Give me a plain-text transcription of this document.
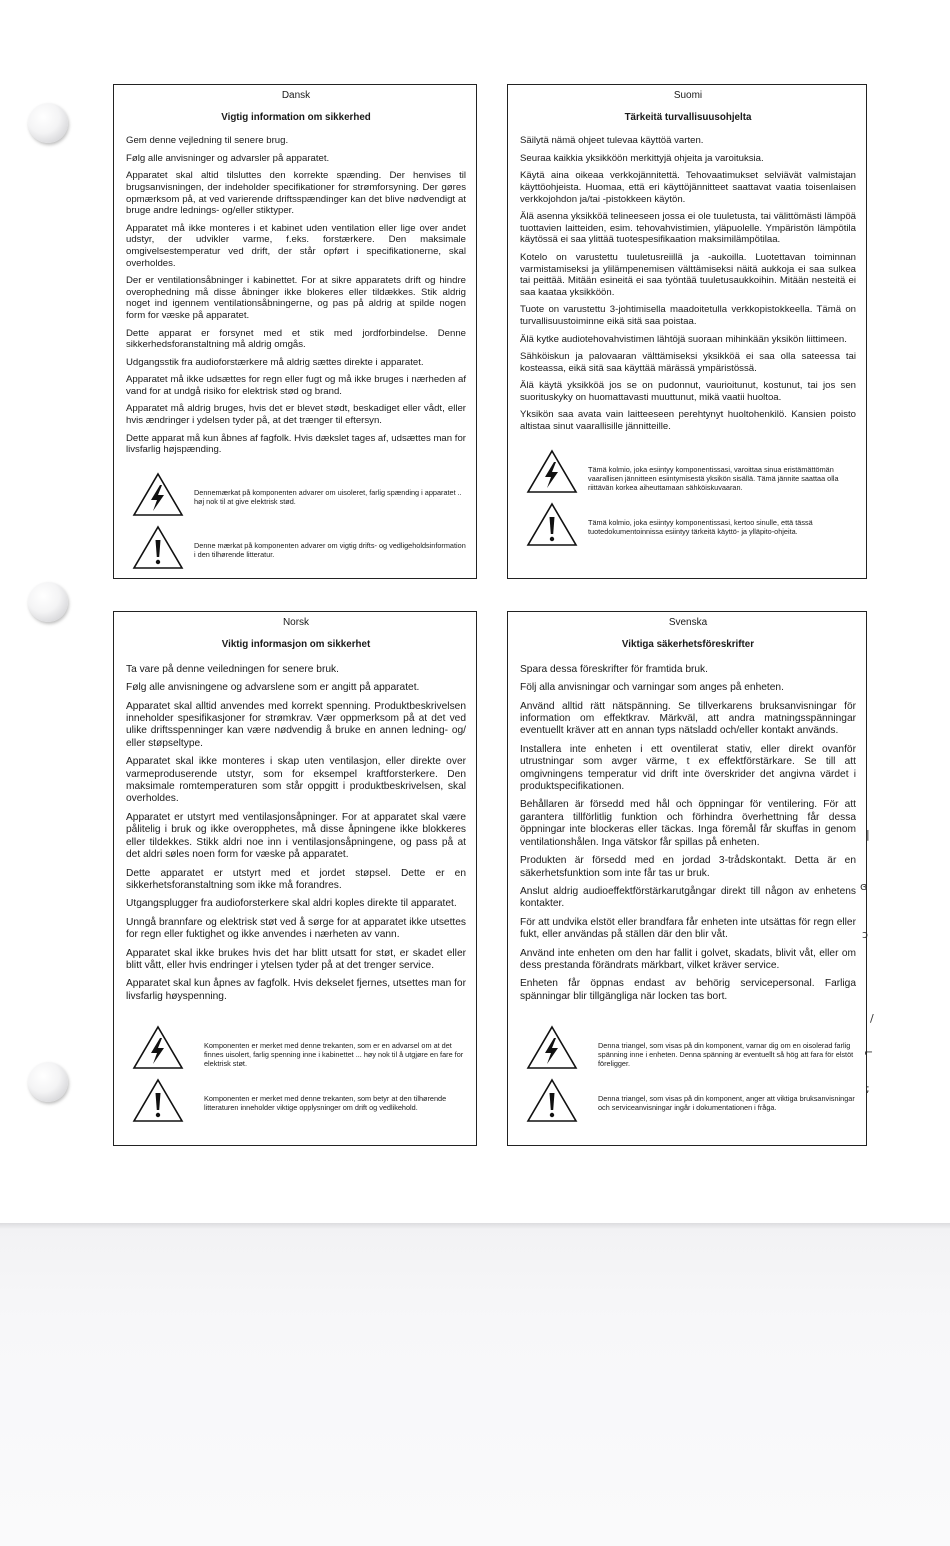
|
ɞ
ɔ
/
⌐
;
Dansk
Vigtig information om sikkerhed

Gem denne vejledning til senere brug.

Følg alle anvisninger og advarsler på apparatet.

Apparatet skal altid tilsluttes den korrekte spænding. Der henvises til brugsanvisningen, der indeholder specifikationer for strømforsyning. Der gøres opmærksom på, at ved varierende driftsspændinger kan det blive nødvendigt at bruge andre lednings- og/eller stiktyper.

Apparatet må ikke monteres i et kabinet uden ventilation eller lige over andet udstyr, der udvikler varme, f.eks. forstærkere. Den maksimale omgivelsestemperatur ved drift, der står opført i specifikationerne, skal overholdes.

Der er ventilationsåbninger i kabinettet. For at sikre apparatets drift og hindre overophedning må disse åbninger ikke blokeres eller tildækkes. Stik aldrig noget ind igennem ventilationsåbningerne, og pas på aldrig at spilde nogen form for væske på apparatet.

Dette apparat er forsynet med et stik med jordforbindelse. Denne sikkerhedsforanstaltning må aldrig omgås.

Udgangsstik fra audioforstærkere må aldrig sættes direkte i apparatet.

Apparatet må ikke udsættes for regn eller fugt og må ikke bruges i nærheden af vand for at undgå risiko for elektrisk stød og brand.

Apparatet må aldrig bruges, hvis det er blevet stødt, beskadiget eller vådt, eller hvis ændringer i ydelsen tyder på, at det trænger til eftersyn.

Dette apparat må kun åbnes af fagfolk. Hvis dækslet tages af, udsættes man for livsfarlig højspænding.

Dennemærkat på komponenten advarer om uisoleret, farlig spænding i apparatet .. høj nok til at give elektrisk stød.
Denne mærkat på komponenten advarer om vigtig drifts- og vedligeholdsinformation i den tilhørende litteratur.
Suomi
Tärkeitä turvallisuusohjelta

Säilytä nämä ohjeet tulevaa käyttöä varten.

Seuraa kaikkia yksikköön merkittyjä ohjeita ja varoituksia.

Käytä aina oikeaa verkkojännitettä. Tehovaatimukset selviävät valmistajan käyttöohjeista. Huomaa, että eri käyttöjännitteet saattavat vaatia toisenlaisen verkkojohdon ja/tai -pistokkeen käytön.

Älä asenna yksikköä telineeseen jossa ei ole tuuletusta, tai välittömästi lämpöä tuottavien laitteiden, esim. tehovahvistimien, yläpuolelle. Ympäristön lämpötila käytössä ei saa ylittää tuotespesifikaation maksimilämpötilaa.

Kotelo on varustettu tuuletusreiillä ja -aukoilla. Luotettavan toiminnan varmistamiseksi ja ylilämpenemisen välttämiseksi näitä aukkoja ei saa sulkea tai peittää. Mitään esineitä ei saa työntää tuuletusaukkoihin. Mitään nesteitä ei saa kaataa yksikköön.

Tuote on varustettu 3-johtimisella maadoitetulla verkkopistokkeella. Tämä on turvallisuustoiminne eikä sitä saa poistaa.

Älä kytke audiotehovahvistimen lähtöjä suoraan mihinkään yksikön liittimeen.

Sähköiskun ja palovaaran välttämiseksi yksikköä ei saa olla sateessa tai kosteassa, eikä sitä saa käyttää märässä ympäristössä.

Älä käytä yksikköä jos se on pudonnut, vaurioitunut, kostunut, tai jos sen suorituskyky on huomattavasti muuttunut, mikä vaatii huoltoa.

Yksikön saa avata vain laitteeseen perehtynyt huoltohenkilö. Kansien poisto altistaa sinut vaarallisille jännitteille.

Tämä kolmio, joka esiintyy komponentissasi, varoittaa sinua eristämättömän vaarallisen jännitteen esiintymisestä yksikön sisällä. Tämä jännite saattaa olla riittävän korkea aiheuttamaan sähköiskuvaaran.
Tämä kolmio, joka esiintyy komponentissasi, kertoo sinulle, että tässä tuotedokumentoinnissa esiintyy tärkeitä käyttö- ja ylläpito-ohjeita.
Norsk
Viktig informasjon om sikkerhet

Ta vare på denne veiledningen for senere bruk.

Følg alle anvisningene og advarslene som er angitt på apparatet.

Apparatet skal alltid anvendes med korrekt spenning. Produktbeskrivelsen inneholder spesifikasjoner for strømkrav. Vær oppmerksom på at det ved ulike driftsspenninger kan være nødvendig å bruke en annen ledning- og/ eller støpseltype.

Apparatet skal ikke monteres i skap uten ventilasjon, eller direkte over varmeproduserende utstyr, som for eksempel kraftforsterkere. Den maksimale romtemperaturen som står oppgitt i produktbeskrivelsen, skal overholdes.

Apparatet er utstyrt med ventilasjonsåpninger. For at apparatet skal være pålitelig i bruk og ikke overopphetes, må disse åpningene ikke blokkeres eller tildekkes. Stikk aldri noe inn i ventilasjonsåpningene, og pass på at det aldri søles noen form for væske på apparatet.

Dette apparatet er utstyrt med et jordet støpsel. Dette er en sikkerhetsforanstaltning som ikke må forandres.

Utgangsplugger fra audioforsterkere skal aldri koples direkte til apparatet.

Unngå brannfare og elektrisk støt ved å sørge for at apparatet ikke utsettes for regn eller fuktighet og ikke anvendes i nærheten av vann.

Apparatet skal ikke brukes hvis det har blitt utsatt for støt, er skadet eller blitt vått, eller hvis endringer i ytelsen tyder på at det trenger service.

Apparatet skal kun åpnes av fagfolk. Hvis dekselet fjernes, utsettes man for livsfarlig høyspenning.

Komponenten er merket med denne trekanten, som er en advarsel om at det finnes uisolert, farlig spenning inne i kabinettet ... høy nok til å utgjøre en fare for elektrisk støt.
Komponenten er merket med denne trekanten, som betyr at den tilhørende litteraturen inneholder viktige opplysninger om drift og vedlikehold.
Svenska
Viktiga säkerhetsföreskrifter

Spara dessa föreskrifter för framtida bruk.

Följ alla anvisningar och varningar som anges på enheten.

Använd alltid rätt nätspänning. Se tillverkarens bruksanvisningar för information om effektkrav. Märkväl, att andra matningsspänningar eventuellt kräver att en annan typs nätsladd och/eller kontakt används.

Installera inte enheten i ett oventilerat stativ, eller direkt ovanför utrustningar som avger värme, t ex effektförstärkare. Se till att omgivningens temperatur vid drift inte överskrider det angivna värdet i produktspecifikationen.

Behållaren är försedd med hål och öppningar för ventilering. För att garantera tillförlitlig funktion och förhindra överhettning får dessa öppningar inte blockeras eller täckas. Inga föremål får skuffas in genom ventilationshålen. Inga vätskor får spillas på enheten.

Produkten är försedd med en jordad 3-trådskontakt. Detta är en säkerhetsfunktion som inte får tas ur bruk.

Anslut aldrig audioeffektförstärkarutgångar direkt till någon av enhetens kontakter.

För att undvika elstöt eller brandfara får enheten inte utsättas för regn eller fukt, eller användas på ställen där den blir våt.

Använd inte enheten om den har fallit i golvet, skadats, blivit våt, eller om dess prestanda förändrats märkbart, vilket kräver service.

Enheten får öppnas endast av behörig servicepersonal. Farliga spänningar blir tillgängliga när locken tas bort.

Denna triangel, som visas på din komponent, varnar dig om en oisolerad farlig spänning inne i enheten. Denna spänning är eventuellt så hög att fara för elstöt föreligger.
Denna triangel, som visas på din komponent, anger att viktiga bruksanvisningar och serviceanvisningar ingår i dokumentationen i fråga.
